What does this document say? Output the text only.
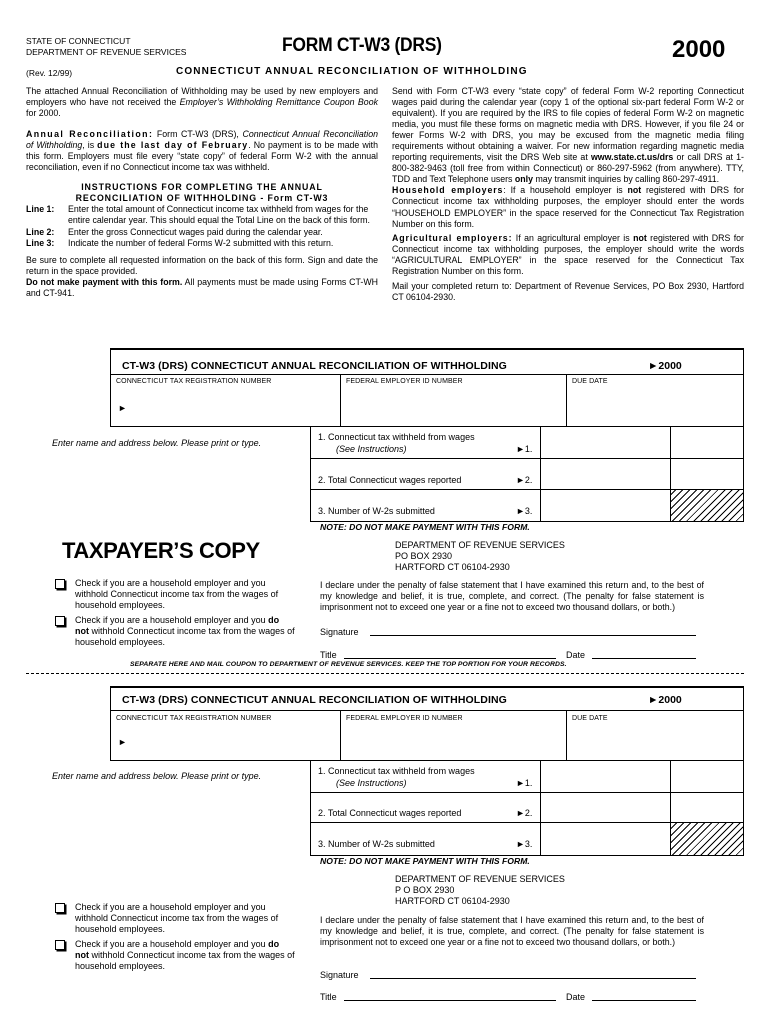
STATE OF CONNECTICUT
DEPARTMENT OF REVENUE SERVICES	FORM CT-W3 (DRS)	2000
(Rev. 12/99)	CONNECTICUT ANNUAL RECONCILIATION OF WITHHOLDING

The attached Annual Reconciliation of Withholding may be used by new employers and employers who have not received the Employer’s Withholding Remittance Coupon Book for 2000.

Annual Reconciliation: Form CT-W3 (DRS), Connecticut Annual Reconciliation of Withholding, is due the last day of February. No payment is to be made with this form. Employers must file every “state copy” of federal Form W-2 with the annual reconciliation, even if no Connecticut income tax was withheld.

INSTRUCTIONS FOR COMPLETING THE ANNUAL
RECONCILIATION OF WITHHOLDING - Form CT-W3

Line 1:	Enter the total amount of Connecticut income tax withheld from wages for the entire calendar year. This should equal the Total Line on the back of this form.
Line 2:	Enter the gross Connecticut wages paid during the calendar year.
Line 3:	Indicate the number of federal Forms W-2 submitted with this return.

Be sure to complete all requested information on the back of this form. Sign and date the return in the space provided.

Do not make payment with this form. All payments must be made using Forms CT-WH and CT-941.

Send with Form CT-W3 every “state copy” of federal Form W-2 reporting Connecticut wages paid during the calendar year (copy 1 of the optional six-part federal Form W-2 or equivalent). If you are required by the IRS to file copies of federal Form W-2 on magnetic media, you must file these forms on magnetic media with DRS. However, if you file 24 or fewer Forms W-2 with DRS, you may be excused from the magnetic media filing requirements without obtaining a waiver. For new information regarding magnetic media reporting requirements, visit the DRS Web site at www.state.ct.us/drs or call DRS at 1-800-382-9463 (toll free from within Connecticut) or 860-297-5962 (from anywhere). TTY, TDD and Text Telephone users only may transmit inquiries by calling 860-297-4911.

Household employers: If a household employer is not registered with DRS for Connecticut income tax withholding purposes, the employer should enter the words “HOUSEHOLD EMPLOYER” in the space reserved for the Connecticut Tax Registration Number on this form.

Agricultural employers: If an agricultural employer is not registered with DRS for Connecticut income tax withholding purposes, the employer should write the words “AGRICULTURAL EMPLOYER” in the space reserved for the Connecticut Tax Registration Number on this form.

Mail your completed return to: Department of Revenue Services, PO Box 2930, Hartford CT 06104-2930.

CT-W3 (DRS) CONNECTICUT ANNUAL RECONCILIATION OF WITHHOLDING	►2000
CONNECTICUT TAX REGISTRATION NUMBER	FEDERAL EMPLOYER ID NUMBER	DUE DATE
►
Enter name and address below. Please print or type.
1. Connecticut tax withheld from wages
(See Instructions)	►1.
2. Total Connecticut wages reported	►2.
3. Number of W-2s submitted	►3.
NOTE: DO NOT MAKE PAYMENT WITH THIS FORM.
TAXPAYER’S COPY	DEPARTMENT OF REVENUE SERVICES
PO BOX 2930
HARTFORD CT 06104-2930
Check if you are a household employer and you withhold Connecticut income tax from the wages of household employees.
Check if you are a household employer and you do not withhold Connecticut income tax from the wages of household employees.
I declare under the penalty of false statement that I have examined this return and, to the best of my knowledge and belief, it is true, complete, and correct. (The penalty for false statement is imprisonment not to exceed one year or a fine not to exceed two thousand dollars, or both.)
Signature
Title	Date
SEPARATE HERE AND MAIL COUPON TO DEPARTMENT OF REVENUE SERVICES. KEEP THE TOP PORTION FOR YOUR RECORDS.
CT-W3 (DRS) CONNECTICUT ANNUAL RECONCILIATION OF WITHHOLDING	►2000
CONNECTICUT TAX REGISTRATION NUMBER	FEDERAL EMPLOYER ID NUMBER	DUE DATE
►
Enter name and address below. Please print or type.	1. Connecticut tax withheld from wages
(See Instructions)	►1.
2. Total Connecticut wages reported	►2.
3. Number of W-2s submitted	►3.
NOTE: DO NOT MAKE PAYMENT WITH THIS FORM.
DEPARTMENT OF REVENUE SERVICES
P O BOX 2930
HARTFORD CT 06104-2930
Check if you are a household employer and you withhold Connecticut income tax from the wages of household employees.
Check if you are a household employer and you do not withhold Connecticut income tax from the wages of household employees.
I declare under the penalty of false statement that I have examined this return and, to the best of my knowledge and belief, it is true, complete, and correct. (The penalty for false statement is imprisonment not to exceed one year or a fine not to exceed two thousand dollars, or both.)
Signature
Title	Date
